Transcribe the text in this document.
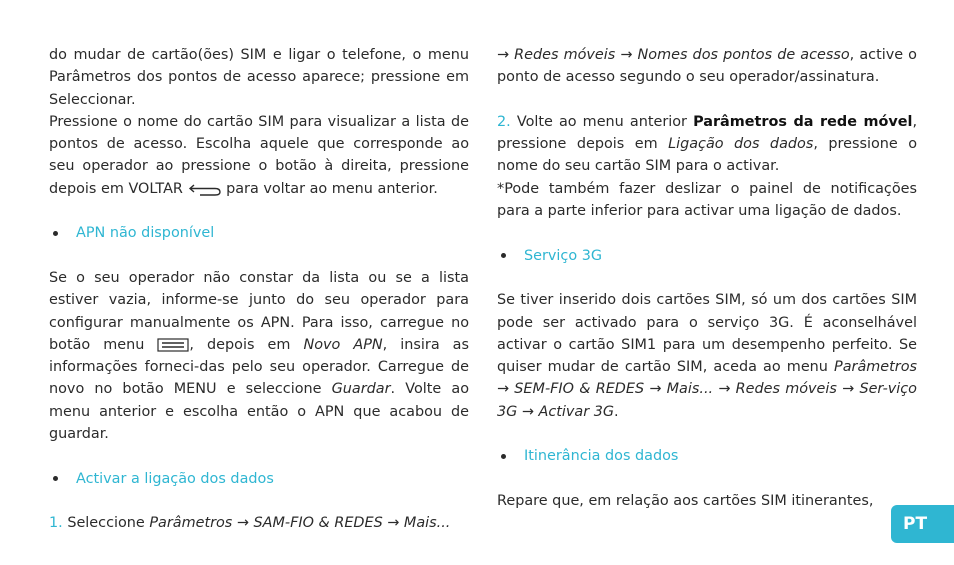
do mudar de cartão(ões) SIM e ligar o telefone, o menu Parâmetros dos pontos de acesso aparece; pressione em Seleccionar.

Pressione o nome do cartão SIM para visualizar a lista de pontos de acesso. Escolha aquele que corresponde ao seu operador ao pressione o botão à direita, pressione depois em VOLTAR	para voltar ao menu anterior.

APN não disponível

Se o seu operador não constar da lista ou se a lista estiver vazia, informe-se junto do seu operador para configurar manualmente os APN. Para isso, carregue no botão menu	, depois em Novo APN, insira as informações forneci-das pelo seu operador. Carregue de novo no botão MENU e seleccione Guardar. Volte ao menu anterior e escolha então o APN que acabou de guardar.

Activar a ligação dos dados

1. Seleccione Parâmetros → SAM-FIO & REDES → Mais...

→ Redes móveis → Nomes dos pontos de acesso, active o ponto de acesso segundo o seu operador/assinatura.

2. Volte ao menu anterior Parâmetros da rede móvel, pressione depois em Ligação dos dados, pressione o nome do seu cartão SIM para o activar.

*Pode também fazer deslizar o painel de notificações para a parte inferior para activar uma ligação de dados.

Serviço 3G

Se tiver inserido dois cartões SIM, só um dos cartões SIM pode ser activado para o serviço 3G. É aconselhável activar o cartão SIM1 para um desempenho perfeito. Se quiser mudar de cartão SIM, aceda ao menu Parâmetros → SEM-FIO & REDES → Mais... → Redes móveis → Ser-viço 3G → Activar 3G.

Itinerância dos dados

Repare que, em relação aos cartões SIM itinerantes,

PT
